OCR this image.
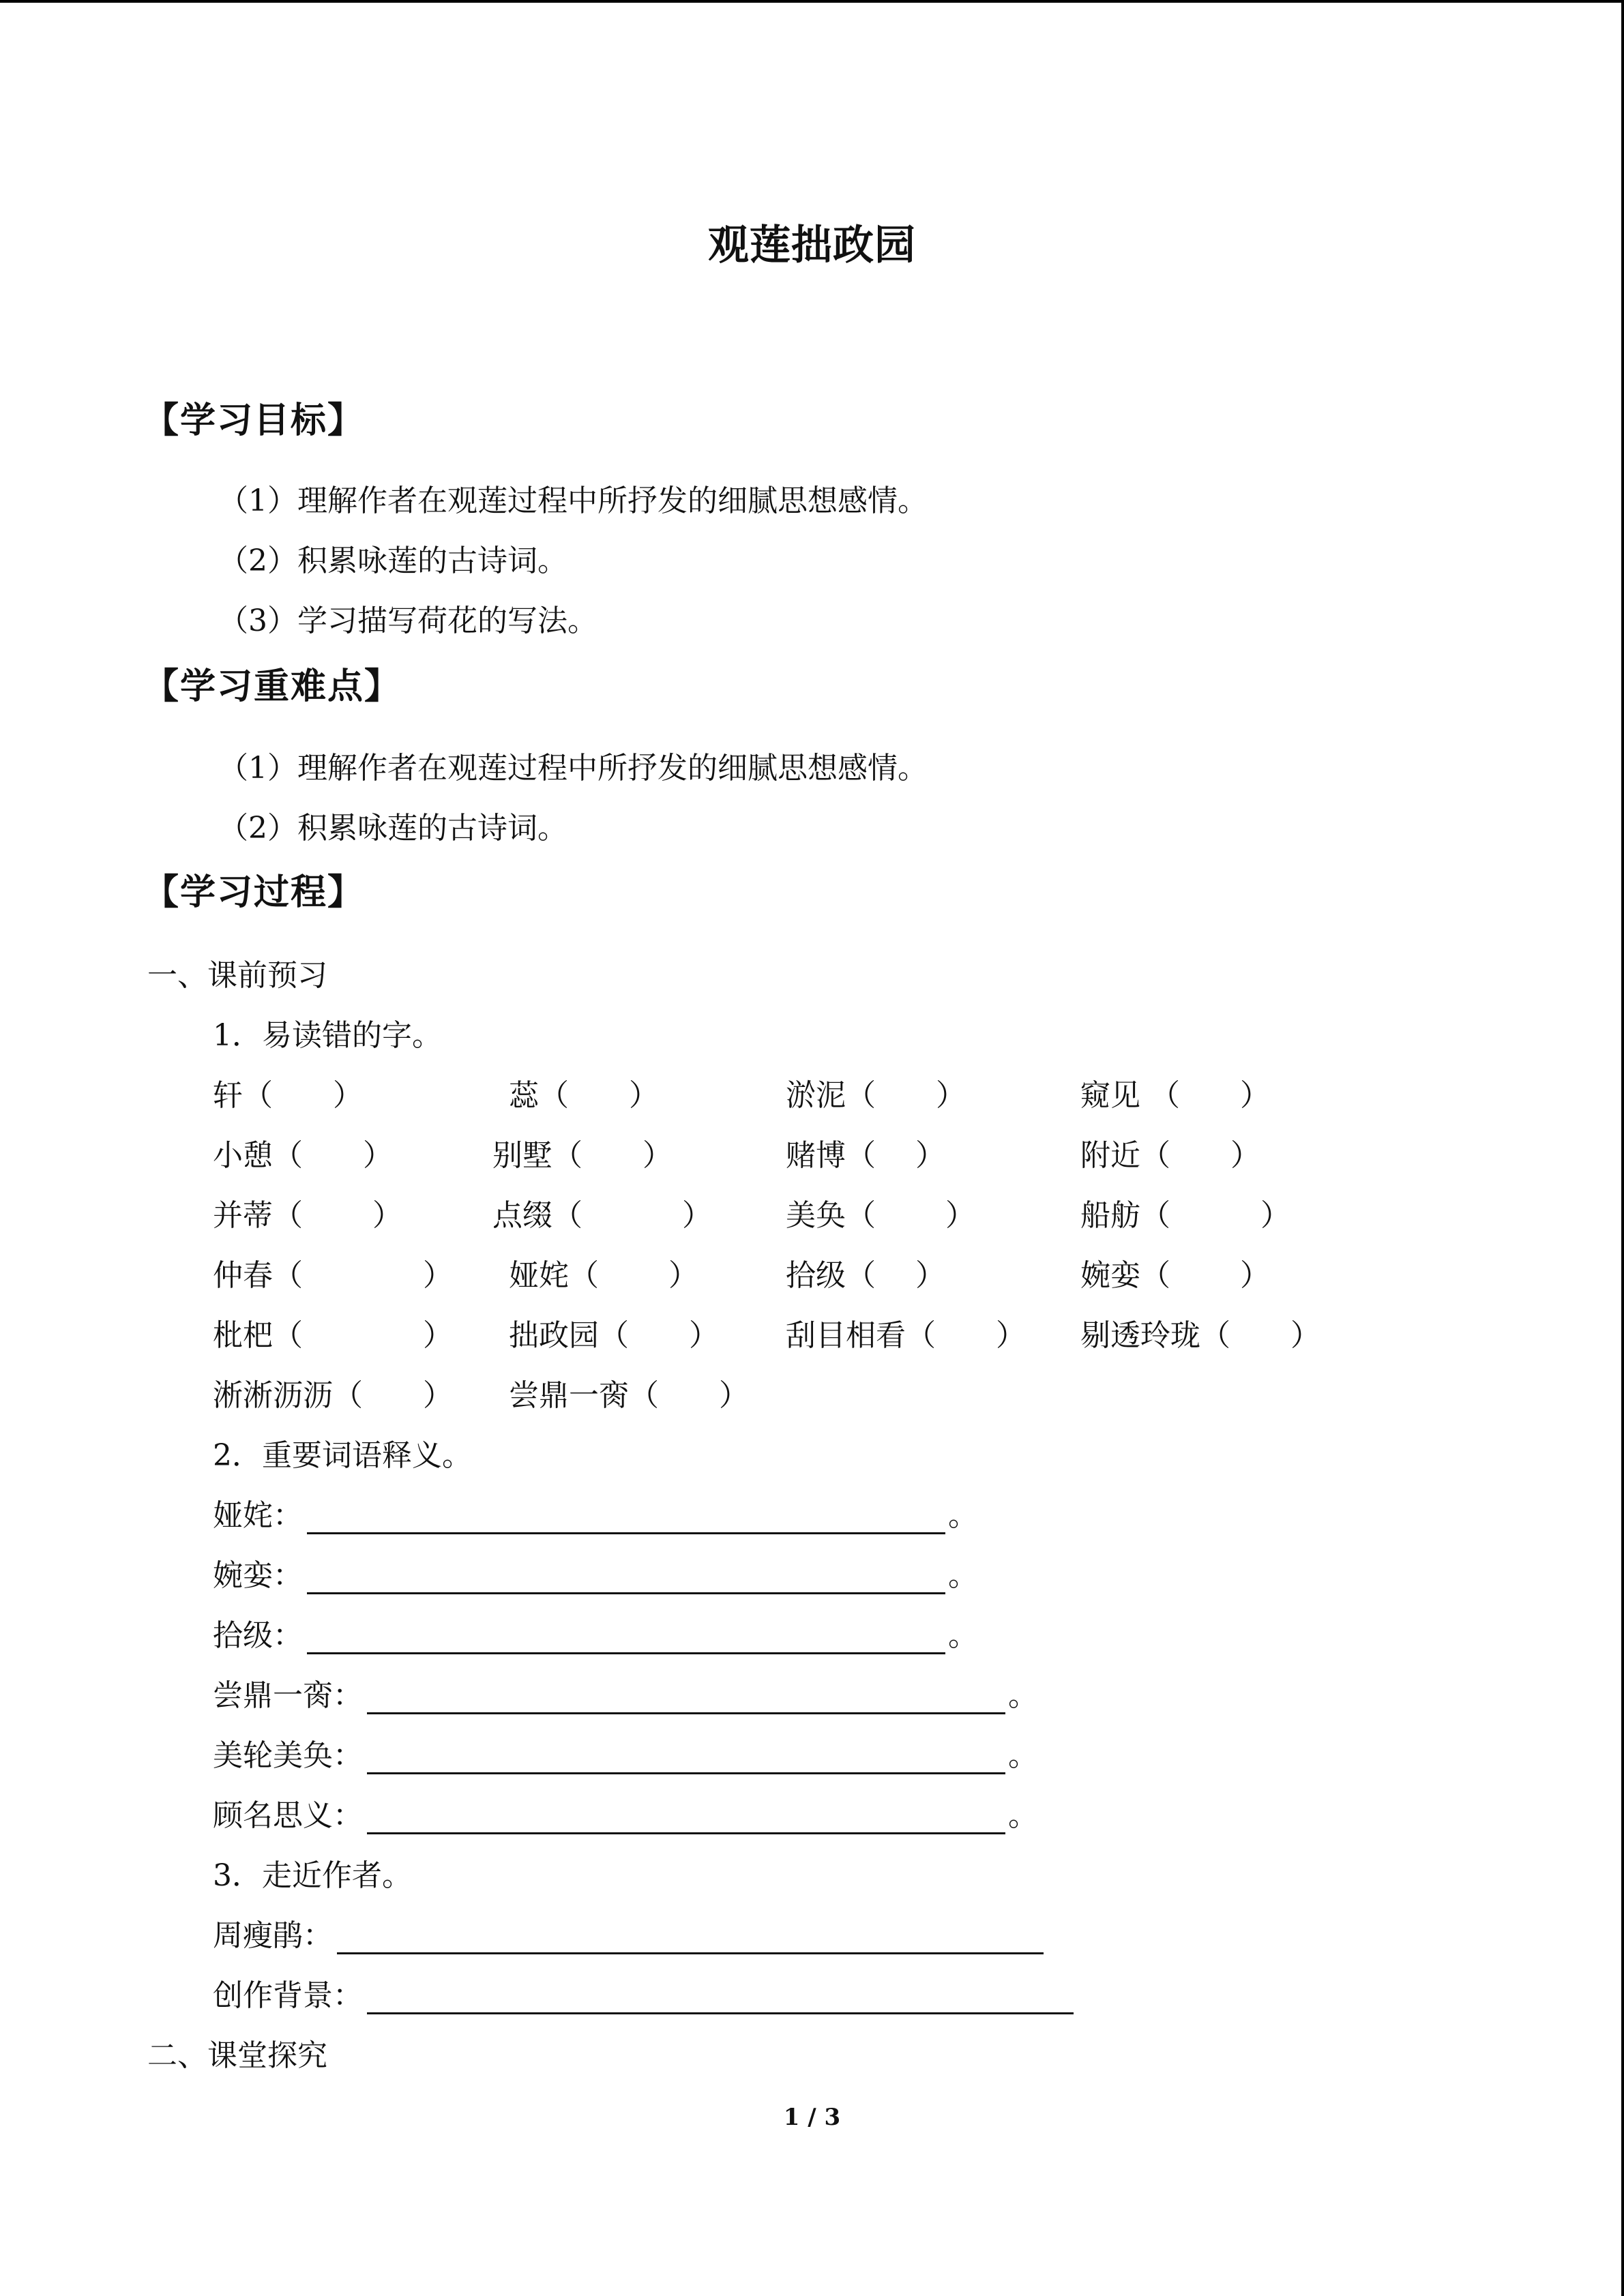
观莲拙政园
【学习目标】
（1）理解作者在观莲过程中所抒发的细腻思想感情。
（2）积累咏莲的古诗词。
（3）学习描写荷花的写法。
【学习重难点】
（1）理解作者在观莲过程中所抒发的细腻思想感情。
（2）积累咏莲的古诗词。
【学习过程】
一、课前预习
1．易读错的字。
轩（　　）	蕊（　　）	淤泥（　　）	窥见 （　　）
小憩（　　）	别墅（　　）	赌博（　 ）	附近（　　）
并蒂（　　 ）	点缀（　　　 ） 美奂（　　 ）	船舫（　　　）
仲春（　　　　） 娅姹（　　 ）	拾级（　 ）	婉娈（　　 ）
枇杷（　　　　） 拙政园（　　） 刮目相看（　　） 剔透玲珑（　　）
淅淅沥沥（　　） 尝鼎一脔（　　）
2．重要词语释义。
娅姹：	。
婉娈：	。
拾级：	。
尝鼎一脔：	。
美轮美奂：	。
顾名思义：	。
3．走近作者。
周瘦鹃：
创作背景：
二、课堂探究
1 / 3
